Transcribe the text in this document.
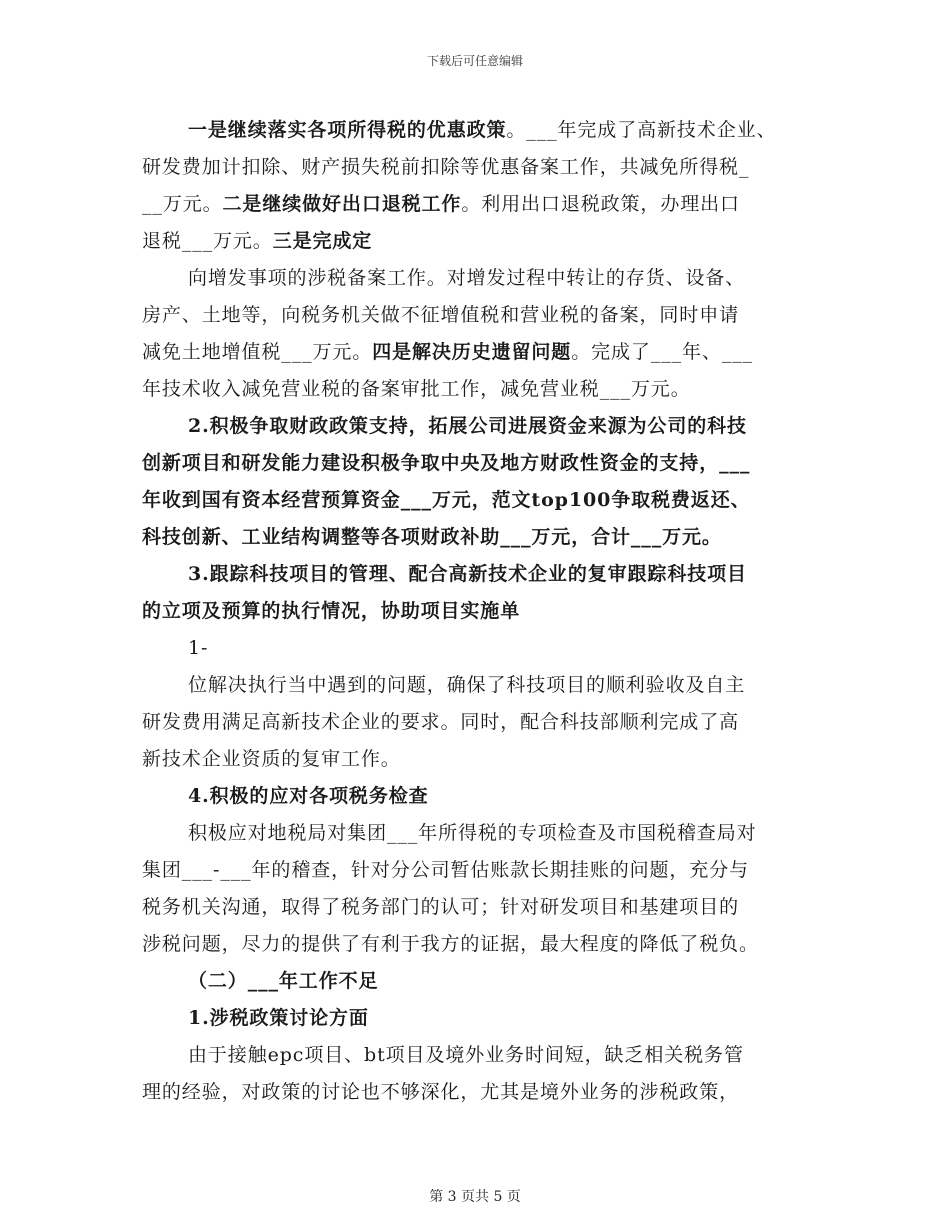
下载后可任意编辑
一是继续落实各项所得税的优惠政策。___年完成了高新技术企业、
研发费加计扣除、财产损失税前扣除等优惠备案工作，共减免所得税_
__万元。二是继续做好出口退税工作。利用出口退税政策，办理出口
退税___万元。三是完成定
向增发事项的涉税备案工作。对增发过程中转让的存货、设备、
房产、土地等，向税务机关做不征增值税和营业税的备案，同时申请
减免土地增值税___万元。四是解决历史遗留问题。完成了___年、___
年技术收入减免营业税的备案审批工作，减免营业税___万元。
2.积极争取财政政策支持，拓展公司进展资金来源为公司的科技
创新项目和研发能力建设积极争取中央及地方财政性资金的支持，___
年收到国有资本经营预算资金___万元，范文top100争取税费返还、
科技创新、工业结构调整等各项财政补助___万元，合计___万元。
3.跟踪科技项目的管理、配合高新技术企业的复审跟踪科技项目
的立项及预算的执行情况，协助项目实施单
1-
位解决执行当中遇到的问题，确保了科技项目的顺利验收及自主
研发费用满足高新技术企业的要求。同时，配合科技部顺利完成了高
新技术企业资质的复审工作。
4.积极的应对各项税务检查
积极应对地税局对集团___年所得税的专项检查及市国税稽查局对
集团___-___年的稽查，针对分公司暂估账款长期挂账的问题，充分与
税务机关沟通，取得了税务部门的认可；针对研发项目和基建项目的
涉税问题，尽力的提供了有利于我方的证据，最大程度的降低了税负。
（二）___年工作不足
1.涉税政策讨论方面
由于接触epc项目、bt项目及境外业务时间短，缺乏相关税务管
理的经验，对政策的讨论也不够深化，尤其是境外业务的涉税政策，
第 3 页共 5 页
